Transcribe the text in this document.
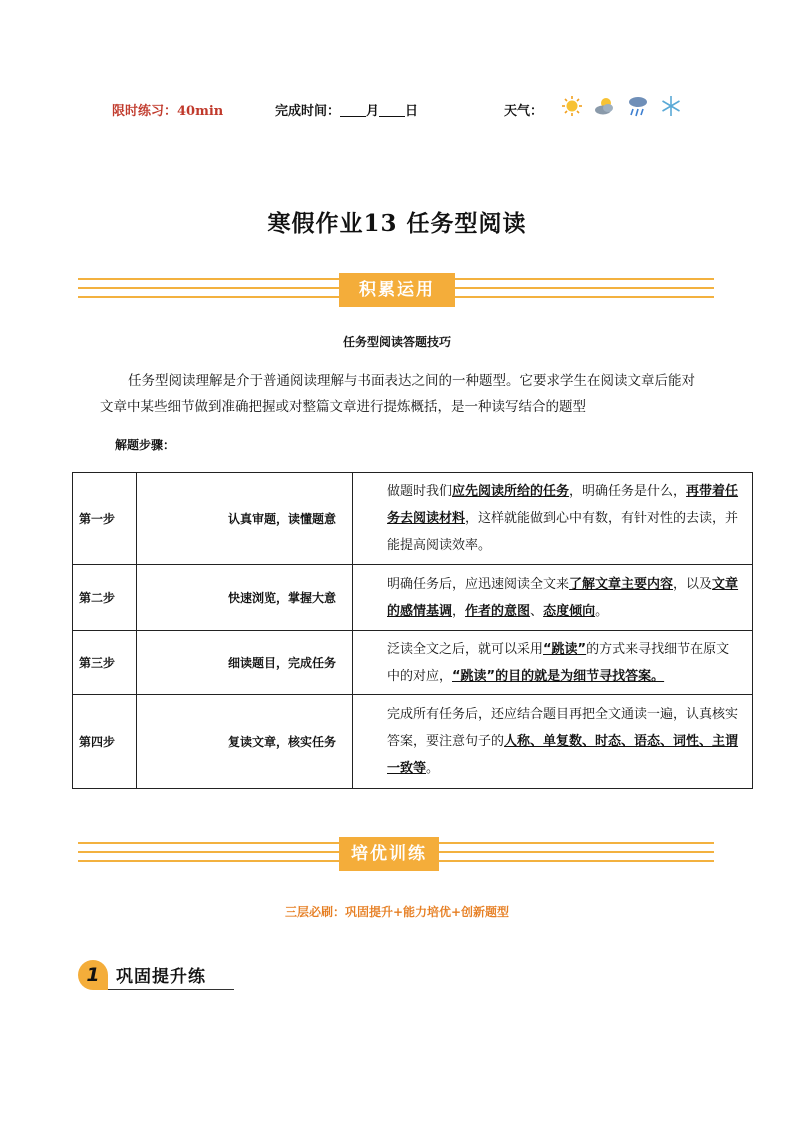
限时练习：40min	完成时间： 月 日	天气：
寒假作业13 任务型阅读
积累运用
任务型阅读答题技巧
任务型阅读理解是介于普通阅读理解与书面表达之间的一种题型。它要求学生在阅读文章后能对
文章中某些细节做到准确把握或对整篇文章进行提炼概括，是一种读写结合的题型
解题步骤：
第一步	认真审题，读懂题意	做题时我们应先阅读所给的任务，明确任务是什么，再带着任务去阅读材料，这样就能做到心中有数，有针对性的去读，并能提高阅读效率。
第二步	快速浏览，掌握大意	明确任务后，应迅速阅读全文来了解文章主要内容，以及文章的感情基调，作者的意图、态度倾向。
第三步	细读题目，完成任务	泛读全文之后，就可以采用“跳读”的方式来寻找细节在原文中的对应，“跳读”的目的就是为细节寻找答案。
第四步	复读文章，核实任务	完成所有任务后，还应结合题目再把全文通读一遍，认真核实答案，要注意句子的人称、单复数、时态、语态、词性、主谓一致等。
培优训练
三层必刷：巩固提升+能力培优+创新题型
1 巩固提升练
